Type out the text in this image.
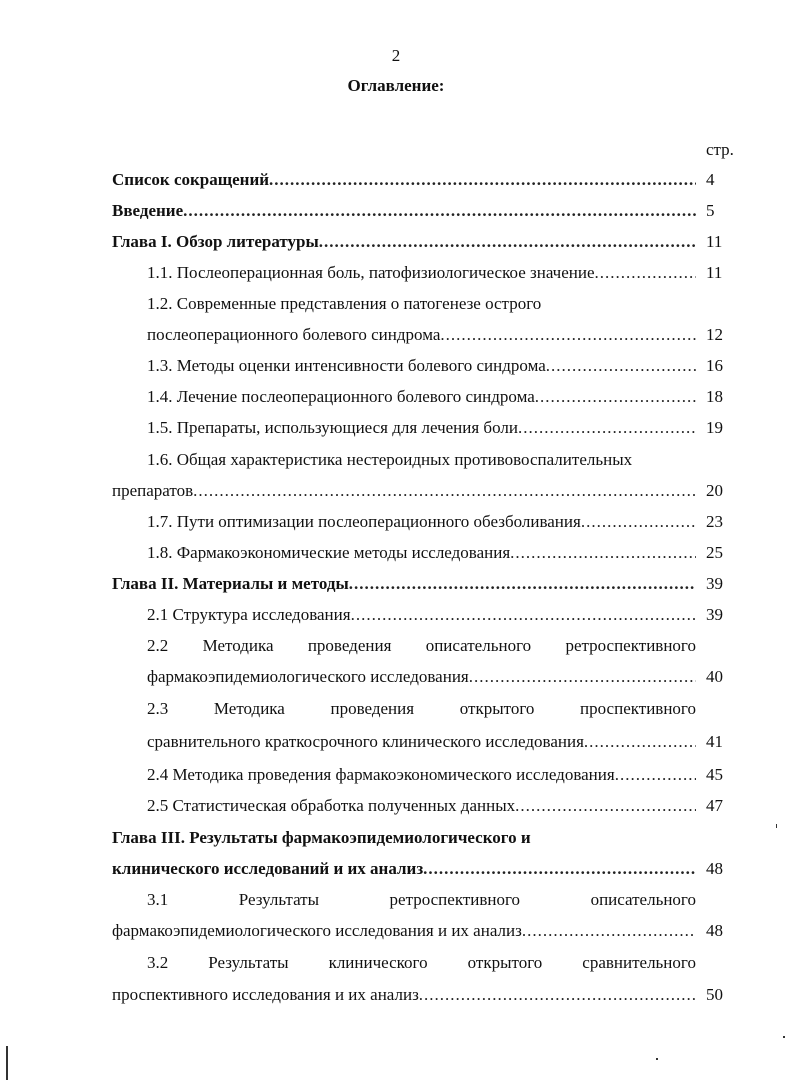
2
Оглавление:
стр.
Список сокращений .....	4
Введение .....	5
Глава I. Обзор литературы .....	11
1.1. Послеоперационная боль, патофизиологическое значение .....	11
1.2. Современные представления о патогенезе острого
послеоперационного болевого синдрома .....	12
1.3. Методы оценки интенсивности болевого синдрома .....	16
1.4. Лечение послеоперационного болевого синдрома .....	18
1.5. Препараты, использующиеся для лечения боли .....	19
1.6. Общая характеристика нестероидных противовоспалительных
препаратов .....	20
1.7. Пути оптимизации послеоперационного обезболивания .....	23
1.8. Фармакоэкономические методы исследования .....	25
Глава II. Материалы и методы .....	39
2.1 Структура исследования .....	39
2.2 Методика проведения описательного ретроспективного
фармакоэпидемиологического исследования .....	40
2.3	Методика	проведения	открытого	проспективного
сравнительного краткосрочного клинического исследования .....	41
2.4 Методика проведения фармакоэкономического исследования .....	45
2.5 Статистическая обработка полученных данных .....	47
Глава III. Результаты фармакоэпидемиологического и
клинического исследований и их анализ .....	48
3.1	Результаты	ретроспективного	описательного
фармакоэпидемиологического исследования и их анализ .....	48
3.2 Результаты клинического открытого сравнительного
проспективного исследования и их анализ .....	50
